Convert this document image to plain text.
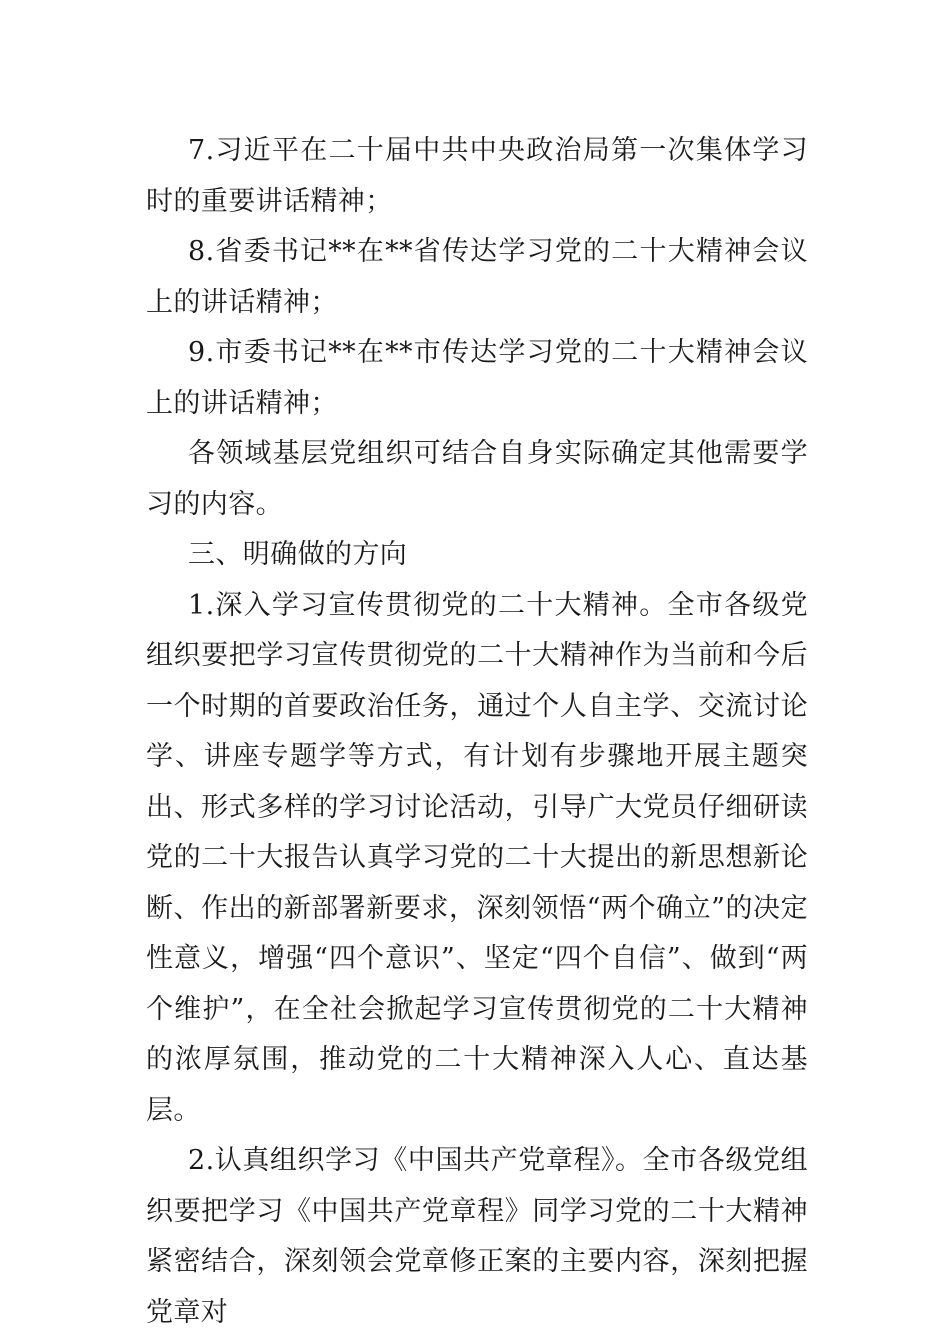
7.习近平在二十届中共中央政治局第一次集体学习时的重要讲话精神；

8.省委书记**在**省传达学习党的二十大精神会议上的讲话精神；

9.市委书记**在**市传达学习党的二十大精神会议上的讲话精神；

各领域基层党组织可结合自身实际确定其他需要学习的内容。

三、明确做的方向

1.深入学习宣传贯彻党的二十大精神。全市各级党组织要把学习宣传贯彻党的二十大精神作为当前和今后一个时期的首要政治任务，通过个人自主学、交流讨论学、讲座专题学等方式，有计划有步骤地开展主题突出、形式多样的学习讨论活动，引导广大党员仔细研读党的二十大报告认真学习党的二十大提出的新思想新论断、作出的新部署新要求，深刻领悟“两个确立”的决定性意义，增强“四个意识”、坚定“四个自信”、做到“两个维护”，在全社会掀起学习宣传贯彻党的二十大精神的浓厚氛围，推动党的二十大精神深入人心、直达基层。

2.认真组织学习《中国共产党章程》。全市各级党组织要把学习《中国共产党章程》同学习党的二十大精神紧密结合，深刻领会党章修正案的主要内容，深刻把握党章对
